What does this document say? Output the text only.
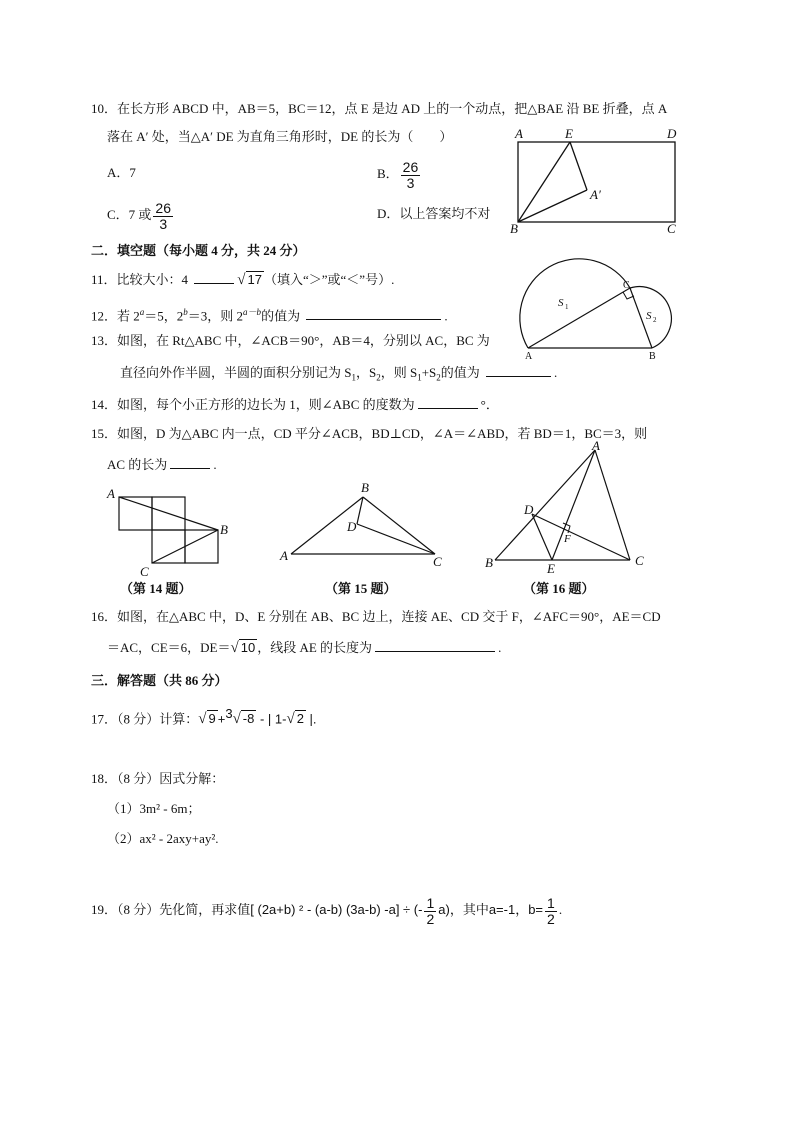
10．在长方形 ABCD 中，AB＝5，BC＝12，点 E 是边 AD 上的一个动点，把△BAE 沿 BE 折叠，点 A
落在 A′ 处，当△A′ DE 为直角三角形时，DE 的长为（　　）
A．7	B． $\frac{26}{3}$
C．7 或 $\frac{26}{3}$	D．以上答案均不对
A	E	D
A′
B	C
二．填空题（每小题 4 分，共 24 分）
11．比较大小：4	√ 17 （填入“＞”或“＜”号）.
12．若 $2^a=5$，$2^b=3$，则 $2^{a-b}$的值为	.
13．如图，在 Rt△ABC 中，∠ACB＝90°，AB＝4，分别以 AC，BC 为
直径向外作半圆，半圆的面积分别记为 $S_1$，$S_2$，则 $S_1+S_2$的值为	.
S 1
S 2
C
A	B
14．如图，每个小正方形的边长为 1，则∠ABC 的度数为	°．
15．如图，D 为△ABC 内一点，CD 平分∠ACB，BD⊥CD，∠A＝∠ABD，若 BD＝1，BC＝3，则
AC 的长为	.
A
B
C
（第 14 题）
B
D
A	C
（第 15 题）
A
D
F
B	E
C
（第 16 题）
16．如图，在△ABC 中，D、E 分别在 AB、BC 边上，连接 AE、CD 交于 F，∠AFC＝90°，AE＝CD
＝AC，CE＝6，DE＝√ 10 ，线段 AE 的长度为	.
三．解答题（共 86 分）
17．（8 分）计算：√ 9 +$^3$√ -8 - | 1-√ 2 |.
18．（8 分）因式分解：
（1）3m² - 6m；
（2）ax² - 2axy+ay².
19．（8 分）先化简，再求值[ (2a+b) ² - (a-b) (3a-b) -a] ÷ (- $\frac{1}{2} a$)，其中a=-1，$b= \frac{1}{2}$ .
